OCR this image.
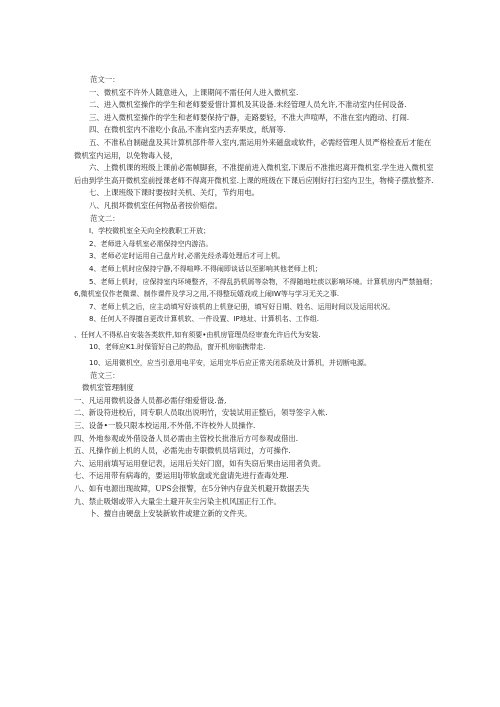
范文一：
一、微机室不许外人随意进入，上课期间不需任何人进入微机室.
二、进入微机室操作的学生和老师要爱惜计算机及其设备.未经管理人员允许,不准动室内任何设备.
三、进入微机室操作的学生和老师要保持宁静，走路要轻，不准大声喧哗，不准在室内跑动、打闹.
四、在微机室内不准吃小食品,不准向室内丢弃果皮，纸屑等.
五、不准私自制磁盘及其计算机部件带入室内,需运用外来磁盘或软件，必需经管理人员严格检查后才能在微机室内运用，以免物毒入侵，
六、上微机课的班级上课前必需帧脚套，不准提前进入微机室,下课后不准推迟离开微机室.学生进入微机室后由到学生高开微机室前授课老师不得离开微机室.上课的班级在下课后应刚好打扫室内卫生，物椅子摆放整齐.
七、上课班级下课时要按时关机、关灯，节约用电。
八、凡损坏微机室任何物品者按价赔偿。
范文二：
I、学校微机室全天向全校教职工开放；
2、老师进入母机室必需保持空内游洁。
3、老师必定时运用自己盘片时,必需先经杀毒处理后才可上机。
4、老师上机时应保持宁静,不得喧哗.不得闹即谈话以至影响其他老师上机；
5、老师上机时，应保持室内环境整齐，不得乱扔机屑等杂物，不得随地吐痰以影响环境。计算机房内严禁抽烟；
6,微机室仅作老微课、制作课件及学习之用,不得整玩嬉戏或上闹IW等与学习无关之事.
7、老师上机之后，应主动填写好该机的上机登记册，填写好日期、姓名、运用时间以及运用状况。
8、任何人不得擅自更改计算机软、一件设置、IP地址、计算机名、工作组.
、任何人不得私自安装各类软件,如有须要•由机房管理员经审查允许后代为安装.
10、老师应K1.时保管好自己的物品，窗开机房临携带走.
10、运用微机空，应当引意用电平安，运用完毕后应正常关闭系统及计算机，并切断电源。
范文三：
微机室管理制度
一、凡运用微机设备人员都必需仔细爱惜设.备,
二、新设符进校后，同专职人员取出说明竹，安装试用正整后，领导签字入帐.
三、设备•一股只限本校运用,不外借,不许校外人员操作.
四、外地参观或外借设备人员必需由主管校长批准后方可参观或借出.
五、凡操作前上机的人员，必需先由专职微机员培训过，方可操作.
六、运用前填写运用登记表，运用后关好门窗，如有失窃后果由运用者负责。
七、不运用带有病毒的，要运用Ij带软盘或光盘请先进行查毒处理.
八、如有电源出现故障，UPS会报警，在5分钟内存盘关机避开数据丢失
九、禁止吸烟或带入大量尘土避开灰尘污染主机风国正行工作。
卜、擅自由硬盘上安装新软件或建立新的文件夹。
